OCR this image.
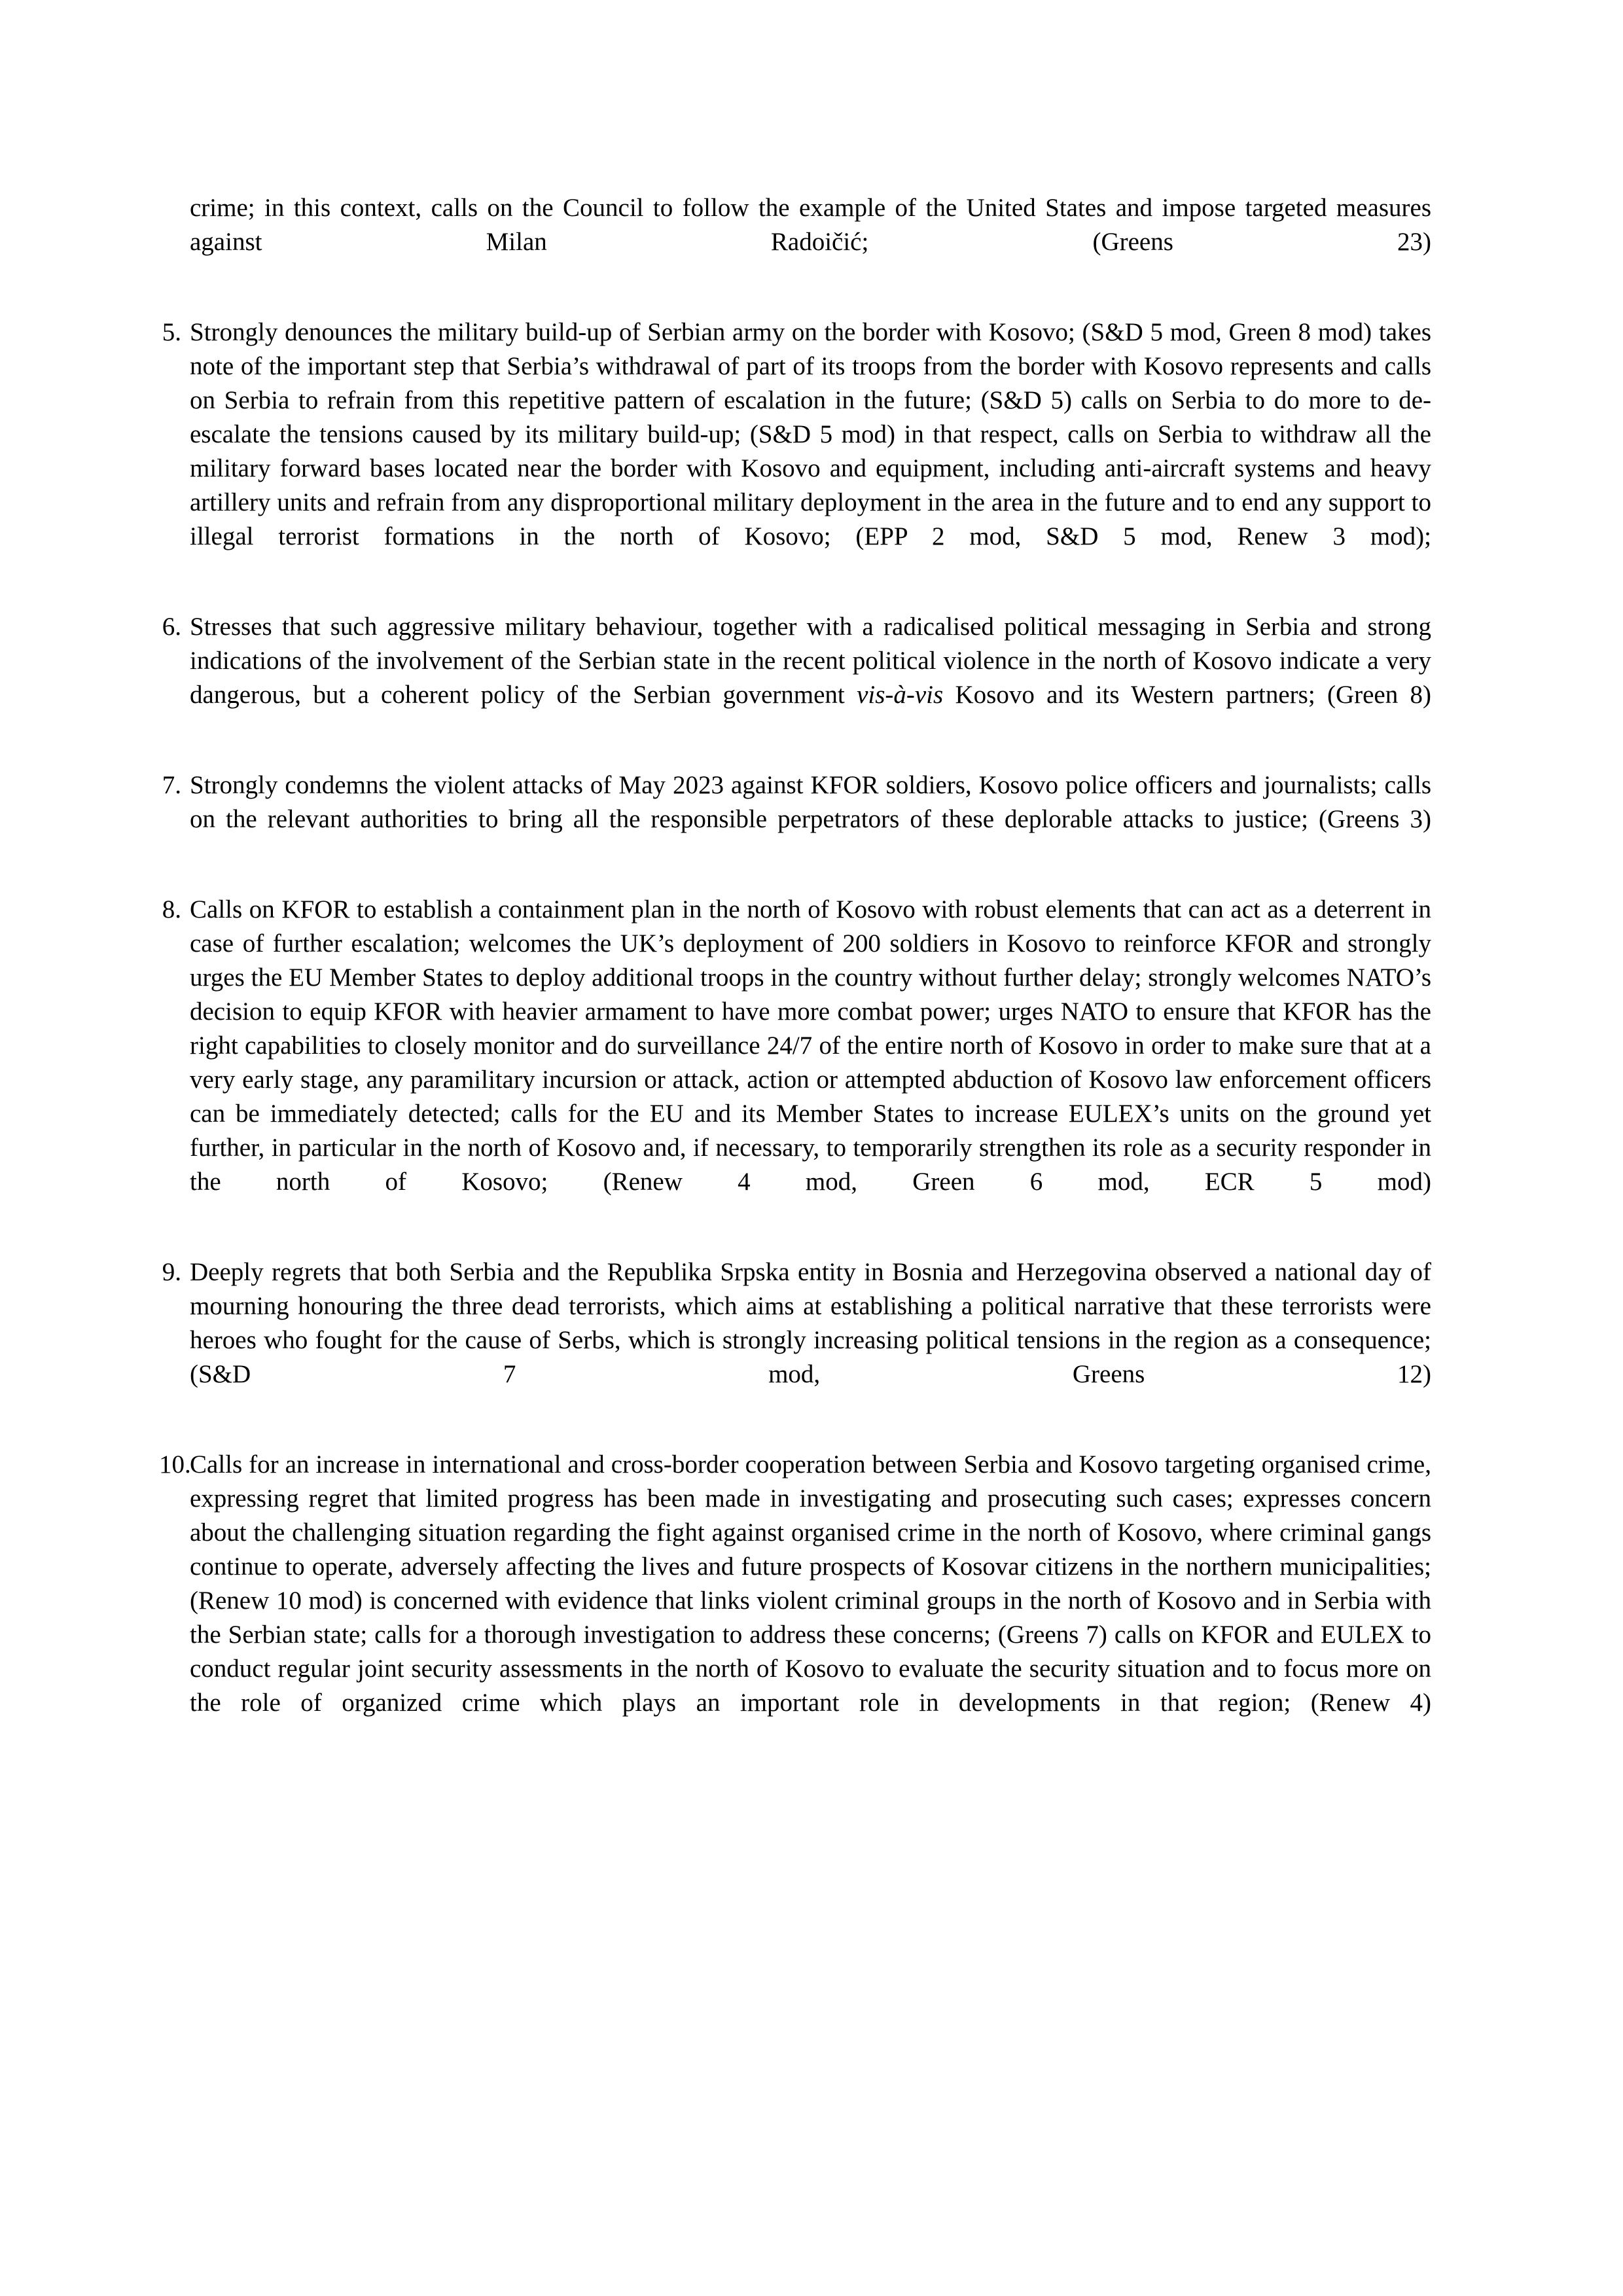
crime; in this context, calls on the Council to follow the example of the United States and impose targeted measures against Milan Radoičić; (Greens 23)

5. Strongly denounces the military build-up of Serbian army on the border with Kosovo; (S&D 5 mod, Green 8 mod) takes note of the important step that Serbia’s withdrawal of part of its troops from the border with Kosovo represents and calls on Serbia to refrain from this repetitive pattern of escalation in the future; (S&D 5) calls on Serbia to do more to de-escalate the tensions caused by its military build-up; (S&D 5 mod) in that respect, calls on Serbia to withdraw all the military forward bases located near the border with Kosovo and equipment, including anti-aircraft systems and heavy artillery units and refrain from any disproportional military deployment in the area in the future and to end any support to illegal terrorist formations in the north of Kosovo; (EPP 2 mod, S&D 5 mod, Renew 3 mod);
6. Stresses that such aggressive military behaviour, together with a radicalised political messaging in Serbia and strong indications of the involvement of the Serbian state in the recent political violence in the north of Kosovo indicate a very dangerous, but a coherent policy of the Serbian government vis-à-vis Kosovo and its Western partners; (Green 8)
7. Strongly condemns the violent attacks of May 2023 against KFOR soldiers, Kosovo police officers and journalists; calls on the relevant authorities to bring all the responsible perpetrators of these deplorable attacks to justice; (Greens 3)
8. Calls on KFOR to establish a containment plan in the north of Kosovo with robust elements that can act as a deterrent in case of further escalation; welcomes the UK’s deployment of 200 soldiers in Kosovo to reinforce KFOR and strongly urges the EU Member States to deploy additional troops in the country without further delay; strongly welcomes NATO’s decision to equip KFOR with heavier armament to have more combat power; urges NATO to ensure that KFOR has the right capabilities to closely monitor and do surveillance 24/7 of the entire north of Kosovo in order to make sure that at a very early stage, any paramilitary incursion or attack, action or attempted abduction of Kosovo law enforcement officers can be immediately detected; calls for the EU and its Member States to increase EULEX’s units on the ground yet further, in particular in the north of Kosovo and, if necessary, to temporarily strengthen its role as a security responder in the north of Kosovo; (Renew 4 mod, Green 6 mod, ECR 5 mod)
9. Deeply regrets that both Serbia and the Republika Srpska entity in Bosnia and Herzegovina observed a national day of mourning honouring the three dead terrorists, which aims at establishing a political narrative that these terrorists were heroes who fought for the cause of Serbs, which is strongly increasing political tensions in the region as a consequence; (S&D 7 mod, Greens 12)
10.
Calls for an increase in international and cross-border cooperation between Serbia and Kosovo targeting organised crime, expressing regret that limited progress has been made in investigating and prosecuting such cases; expresses concern about the challenging situation regarding the fight against organised crime in the north of Kosovo, where criminal gangs continue to operate, adversely affecting the lives and future prospects of Kosovar citizens in the northern municipalities; (Renew 10 mod) is concerned with evidence that links violent criminal groups in the north of Kosovo and in Serbia with the Serbian state; calls for a thorough investigation to address these concerns; (Greens 7) calls on KFOR and EULEX to conduct regular joint security assessments in the north of Kosovo to evaluate the security situation and to focus more on the role of organized crime which plays an important role in developments in that region; (Renew 4)
